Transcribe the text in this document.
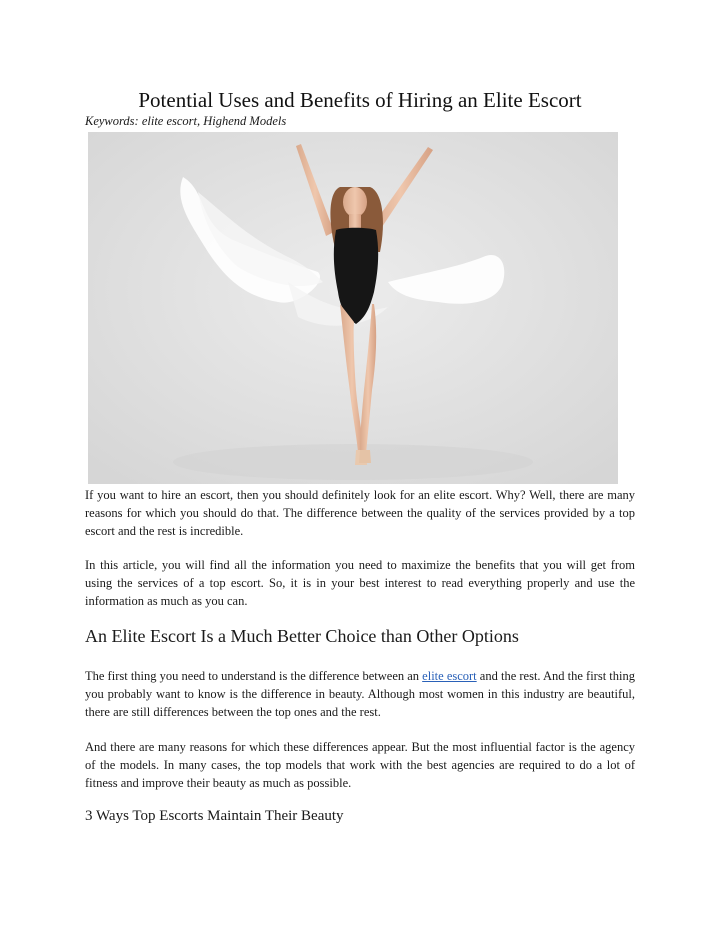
Potential Uses and Benefits of Hiring an Elite Escort

Keywords: elite escort, Highend Models

If you want to hire an escort, then you should definitely look for an elite escort. Why? Well, there are many reasons for which you should do that. The difference between the quality of the services provided by a top escort and the rest is incredible.

In this article, you will find all the information you need to maximize the benefits that you will get from using the services of a top escort. So, it is in your best interest to read everything properly and use the information as much as you can.

An Elite Escort Is a Much Better Choice than Other Options

The first thing you need to understand is the difference between an elite escort and the rest. And the first thing you probably want to know is the difference in beauty. Although most women in this industry are beautiful, there are still differences between the top ones and the rest.

And there are many reasons for which these differences appear. But the most influential factor is the agency of the models. In many cases, the top models that work with the best agencies are required to do a lot of fitness and improve their beauty as much as possible.

3 Ways Top Escorts Maintain Their Beauty
